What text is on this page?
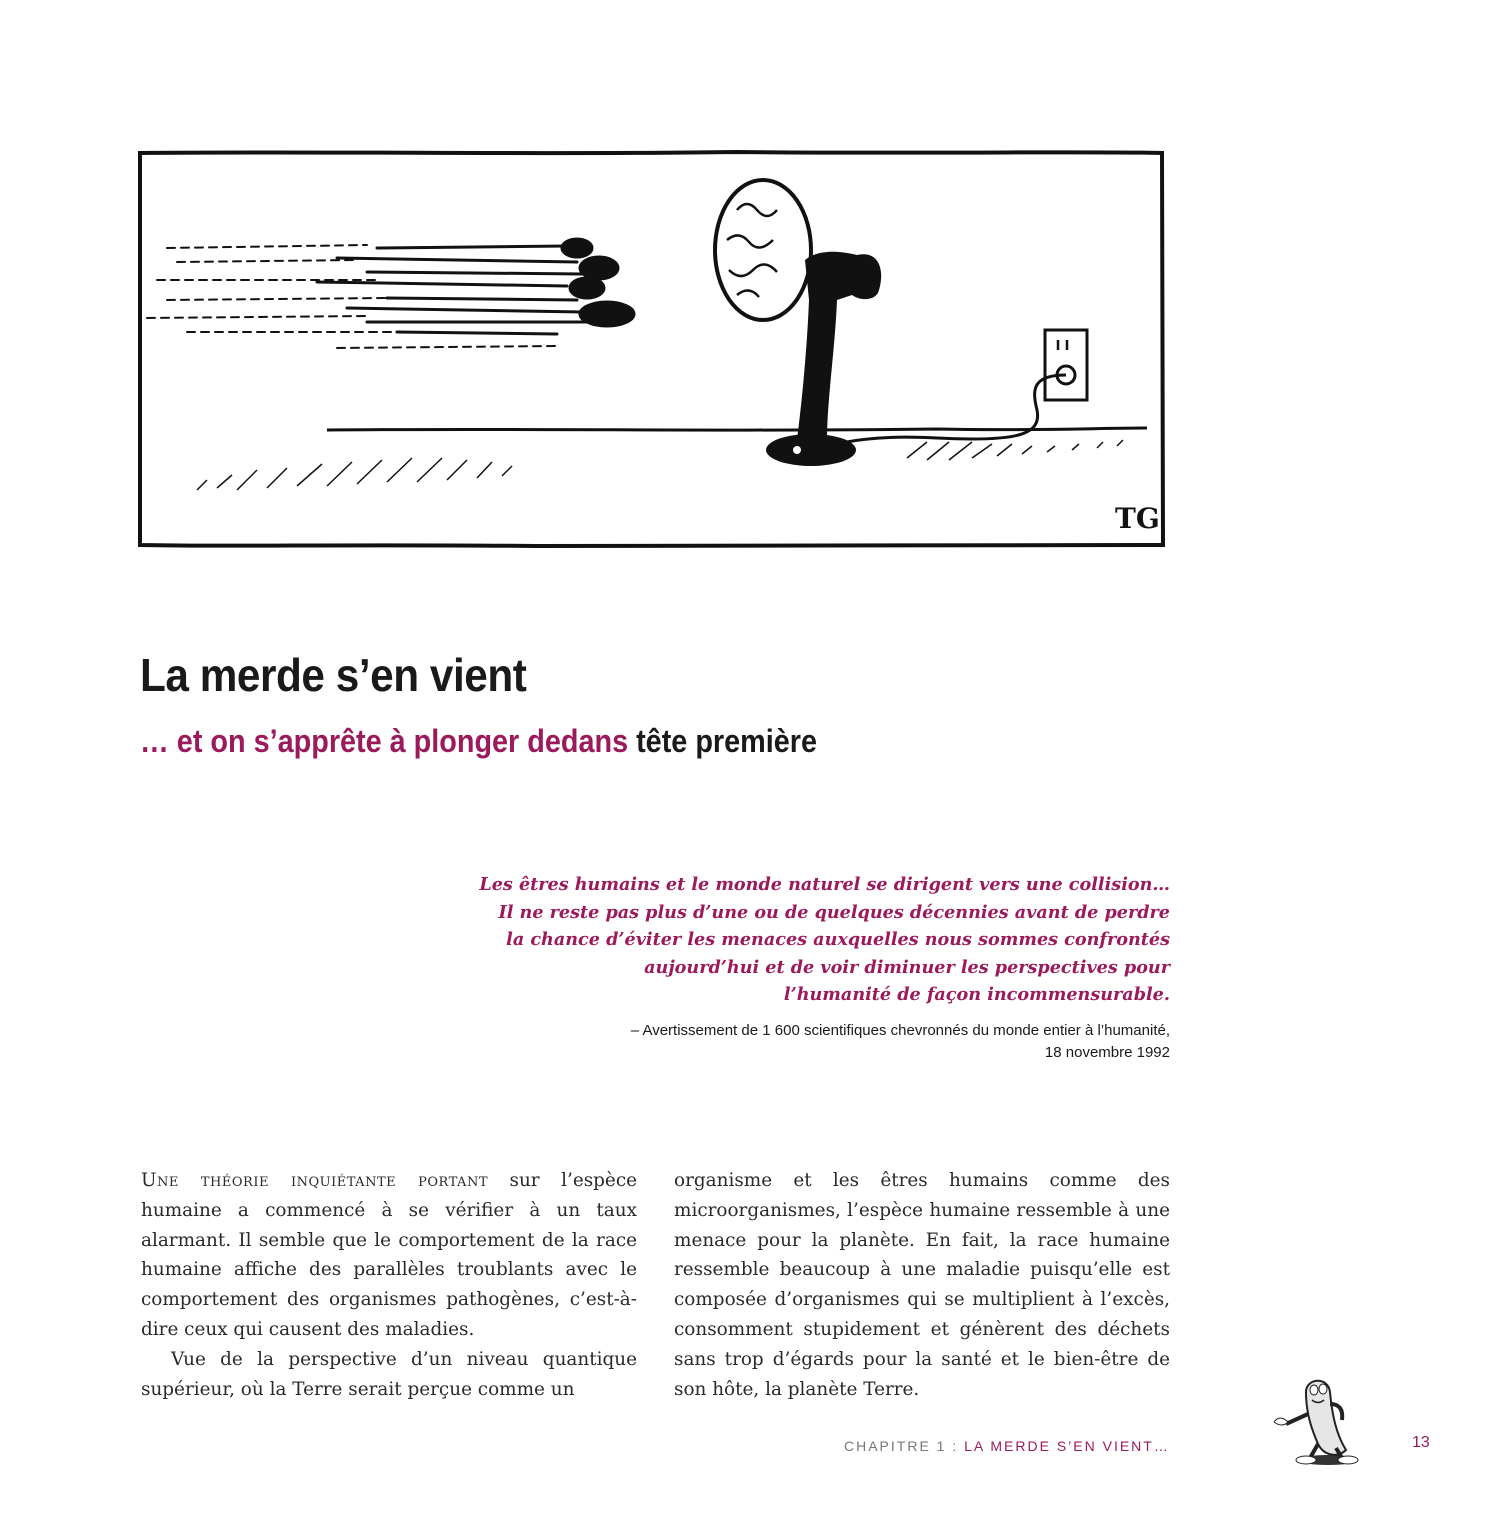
TG
La merde s’en vient
… et on s’apprête à plonger dedans tête première
Les êtres humains et le monde naturel se dirigent vers une collision…
Il ne reste pas plus d’une ou de quelques décennies avant de perdre
la chance d’éviter les menaces auxquelles nous sommes confrontés
aujourd’hui et de voir diminuer les perspectives pour
l’humanité de façon incommensurable.
– Avertissement de 1 600 scientifiques chevronnés du monde entier à l’humanité,
18 novembre 1992

Une théorie inquiétante portant sur l’espèce humaine a commencé à se vérifier à un taux alarmant. Il semble que le comportement de la race humaine affiche des parallèles troublants avec le comportement des organismes pathogènes, c’est-à-dire ceux qui causent des maladies.

Vue de la perspective d’un niveau quantique supérieur, où la Terre serait perçue comme un

organisme et les êtres humains comme des microorganismes, l’espèce humaine ressemble à une menace pour la planète. En fait, la race humaine ressemble beaucoup à une maladie puisqu’elle est composée d’organismes qui se multiplient à l’excès, consomment stupidement et génèrent des déchets sans trop d’égards pour la santé et le bien-être de son hôte, la planète Terre.

CHAPITRE 1 : LA MERDE S’EN VIENT…	13
